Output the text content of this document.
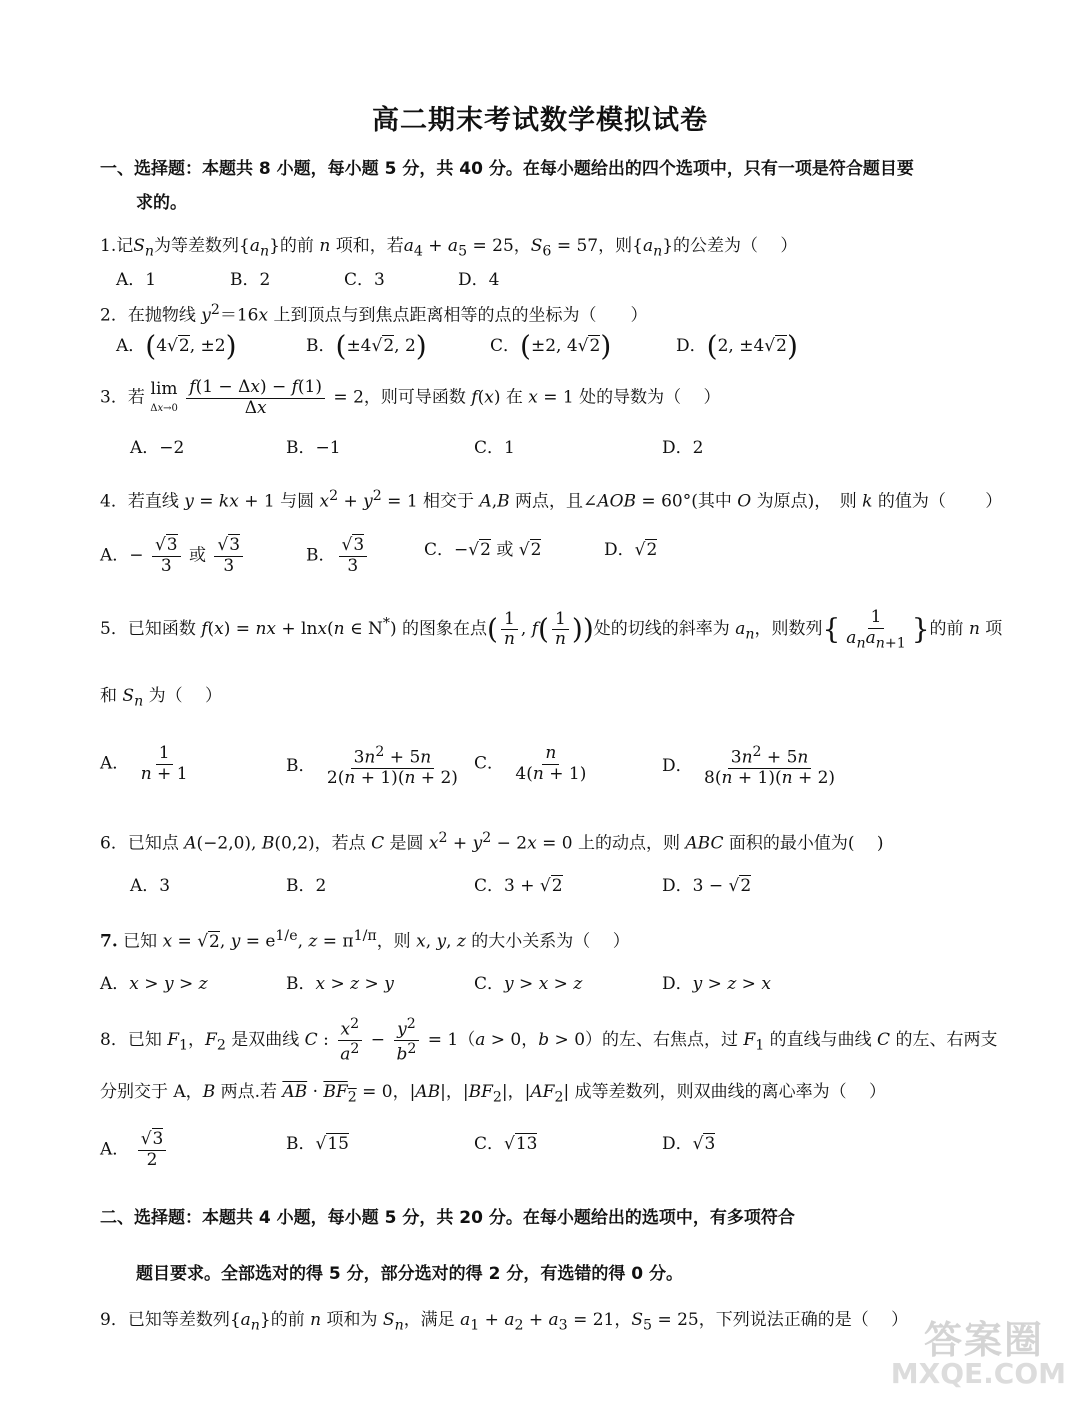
高二期末考试数学模拟试卷
一、选择题：本题共 8 小题，每小题 5 分，共 40 分。在每小题给出的四个选项中，只有一项是符合题目要
求的。
1.记$S_n$为等差数列$\{a_n\}$的前 n 项和，若$a_4 + a_5 = 25$，$S_6 = 57$，则$\{a_n\}$的公差为（　 ）
A．1	B．2	C．3	D．4
2．在抛物线 $y^2=16x$ 上到顶点与到焦点距离相等的点的坐标为（　　）
A．(4√2, ±2)	B．(±4√2, 2)	C．(±2, 4√2)	D．(2, ±4√2)
3．若 lim
$\Delta x\to 0 \frac{f(1 - \Delta x) - f(1)}{\Delta x} = 2$，则可导函数 f(x) 在 x = 1 处的导数为（　 ）
A．−2	B．−1	C．1	D．2
4．若直线 y = kx + 1 与圆 $x^2 + y^2 = 1$ 相交于 A,B 两点，且∠AOB = 60°(其中 O 为原点)，　则 k 的值为（　　 ）
A．− $\frac{√3}{3}$ 或 $\frac{√3}{3}$	B． $\frac{√3}{3}$	C．−√2 或 √2	D．√2
5．已知函数 f(x) = nx + lnx(n ∈ N*) 的图象在点( $\frac{1}{n}$ , $f( \frac{1}{n}$ ))处的切线的斜率为 $a_n$，则数列{ $\frac{1}{a_na_{n+1}}$ }的前 n 项
和 $S_n$ 为（　 ）
A． $\frac{1}{n + 1}$	B． $\frac{3n^2 + 5n}{2(n + 1)(n + 2)}$ C． $\frac{n}{4(n + 1)}$	D． $\frac{3n^2 + 5n}{8(n + 1)(n + 2)}$
6．已知点 A(−2,0), B(0,2)，若点 C 是圆 $x^2 + y^2 - 2x = 0$ 上的动点，则 ABC 面积的最小值为(　 )
A．3	B．2	C．3 + √2	D．3 − √2
7. 已知 x = √2, $y = e^{1/e}$, $z = \pi^{1/\pi}$，则 x, y, z 的大小关系为（　 ）
A．x > y > z	B．x > z > y	C．y > x > z	D．y > z > x
8．已知 $F_1$，$F_2$ 是双曲线 C : $\frac{x^2}{a^2} - \frac{y^2}{b^2} = 1(a > 0$，b > 0）的左、右焦点，过 $F_1$ 的直线与曲线 C 的左、右两支
分别交于 A，B 两点.若 $\overline{AB} \cdot BF_2 = 0$，|AB|，$|BF_2|$，$|AF_2|$ 成等差数列，则双曲线的离心率为（　 ）
A． $\frac{√3}{2}$	B．√15	C．√13	D．√3
二、选择题：本题共 4 小题，每小题 5 分，共 20 分。在每小题给出的选项中，有多项符合
题目要求。全部选对的得 5 分，部分选对的得 2 分，有选错的得 0 分。
9．已知等差数列$\{a_n\}$的前 n 项和为 $S_n$，满足 $a_1 + a_2 + a_3 = 21$，$S_5 = 25$，下列说法正确的是（　 ） 答案圈
MXQE.COM
